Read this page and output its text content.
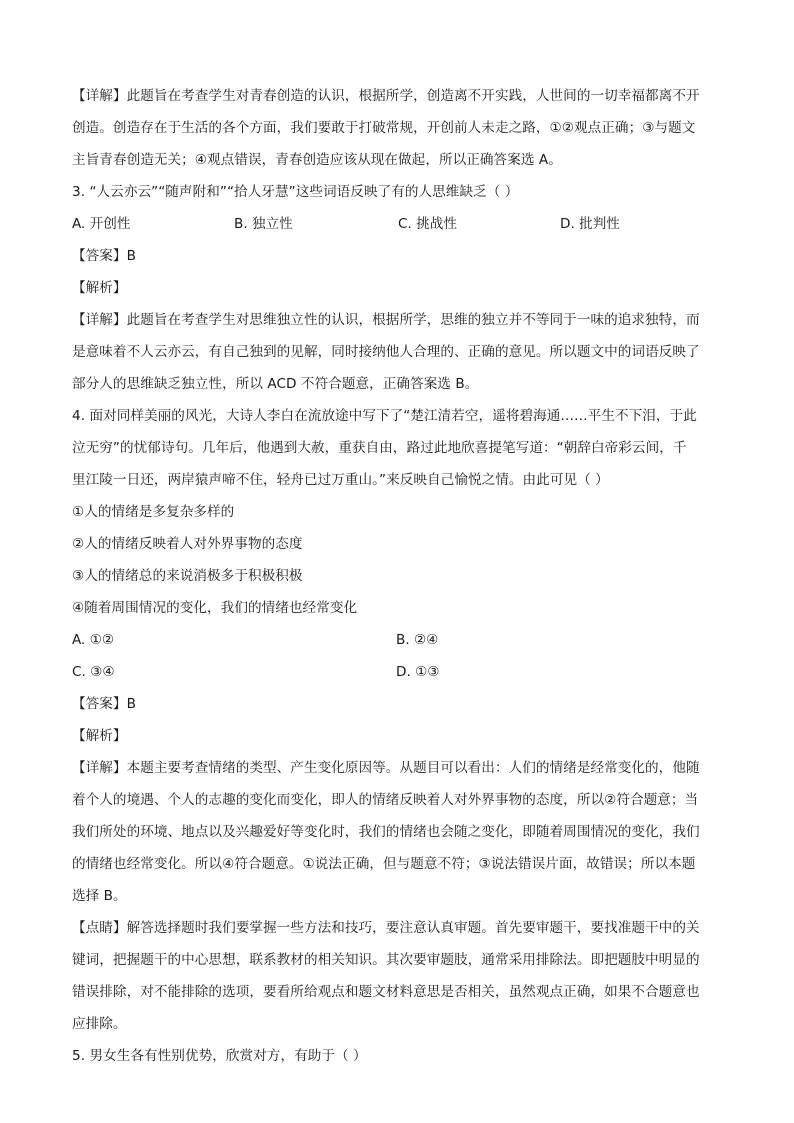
【详解】此题旨在考查学生对青春创造的认识，根据所学，创造离不开实践，人世间的一切幸福都离不开
创造。创造存在于生活的各个方面，我们要敢于打破常规，开创前人未走之路，①②观点正确；③与题文
主旨青春创造无关；④观点错误，青春创造应该从现在做起，所以正确答案选 A。
3. “人云亦云”“随声附和”“拾人牙慧”这些词语反映了有的人思维缺乏（ ）
A. 开创性	B. 独立性	C. 挑战性	D. 批判性
【答案】B
【解析】
【详解】此题旨在考查学生对思维独立性的认识，根据所学，思维的独立并不等同于一味的追求独特，而
是意味着不人云亦云，有自己独到的见解，同时接纳他人合理的、正确的意见。所以题文中的词语反映了
部分人的思维缺乏独立性，所以 ACD 不符合题意，正确答案选 B。
4. 面对同样美丽的风光，大诗人李白在流放途中写下了“楚江清若空，遥将碧海通……平生不下泪，于此
泣无穷”的忧郁诗句。几年后，他遇到大赦，重获自由，路过此地欣喜提笔写道：“朝辞白帝彩云间，千
里江陵一日还，两岸猿声啼不住，轻舟已过万重山。”来反映自己愉悦之情。由此可见（ ）
①人的情绪是多复杂多样的
②人的情绪反映着人对外界事物的态度
③人的情绪总的来说消极多于积极积极
④随着周围情况的变化，我们的情绪也经常变化
A. ①②	B. ②④
C. ③④	D. ①③
【答案】B
【解析】
【详解】本题主要考查情绪的类型、产生变化原因等。从题目可以看出：人们的情绪是经常变化的，他随
着个人的境遇、个人的志趣的变化而变化，即人的情绪反映着人对外界事物的态度，所以②符合题意；当
我们所处的环境、地点以及兴趣爱好等变化时，我们的情绪也会随之变化，即随着周围情况的变化，我们
的情绪也经常变化。所以④符合题意。①说法正确，但与题意不符；③说法错误片面，故错误；所以本题
选择 B。
【点睛】解答选择题时我们要掌握一些方法和技巧，要注意认真审题。首先要审题干，要找准题干中的关
键词，把握题干的中心思想，联系教材的相关知识。其次要审题肢，通常采用排除法。即把题肢中明显的
错误排除，对不能排除的选项，要看所给观点和题文材料意思是否相关，虽然观点正确，如果不合题意也
应排除。
5. 男女生各有性别优势，欣赏对方，有助于（ ）
